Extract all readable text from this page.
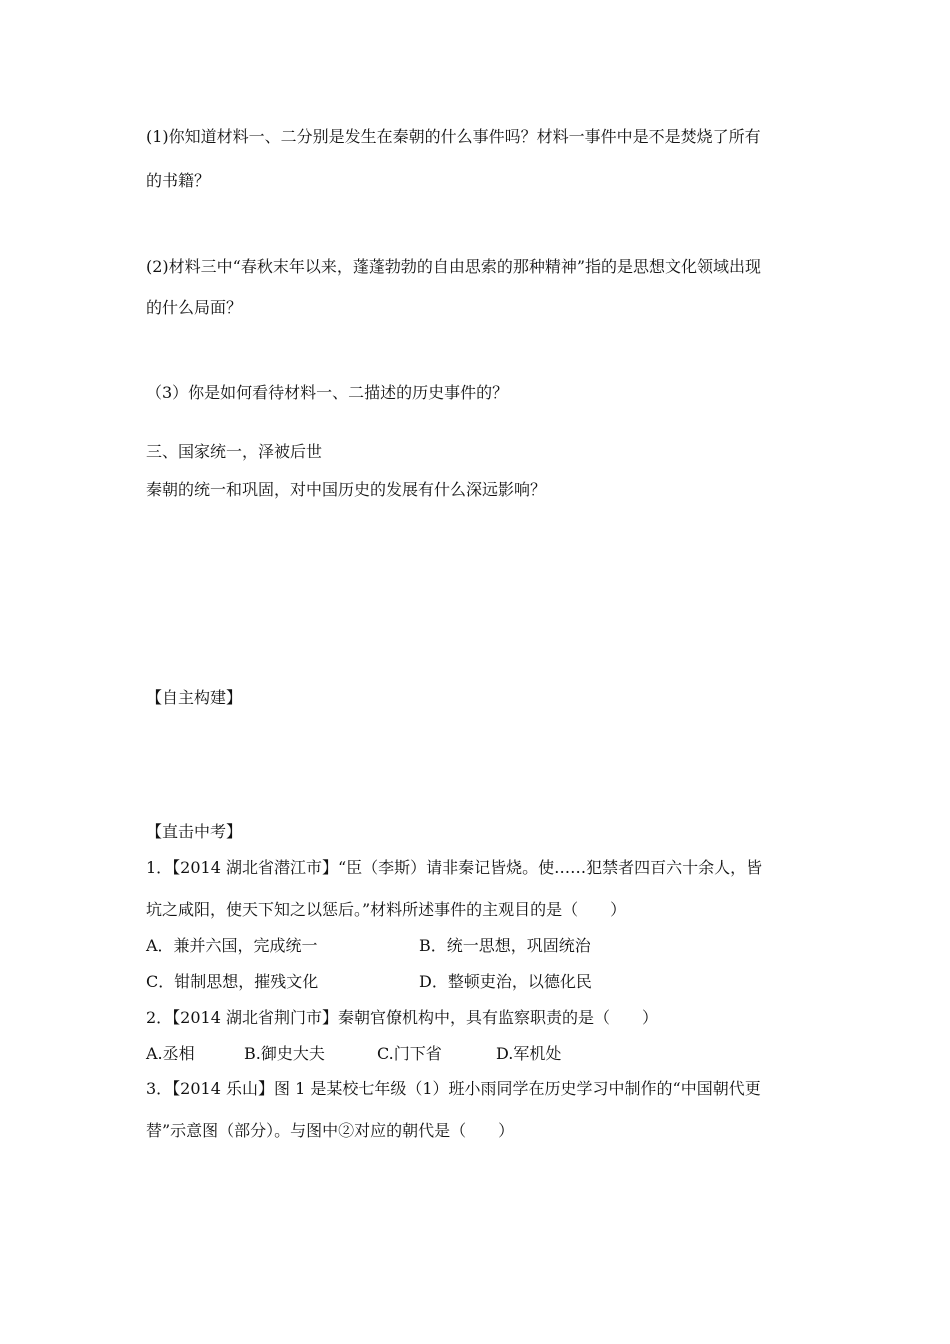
(1)你知道材料一、二分别是发生在秦朝的什么事件吗？材料一事件中是不是焚烧了所有
的书籍？
(2)材料三中“春秋末年以来，蓬蓬勃勃的自由思索的那种精神”指的是思想文化领域出现
的什么局面？
（3）你是如何看待材料一、二描述的历史事件的？
三、国家统一，泽被后世
秦朝的统一和巩固，对中国历史的发展有什么深远影响？
【自主构建】
【直击中考】
1．【2014 湖北省潜江市】“臣（李斯）请非秦记皆烧。使……犯禁者四百六十余人，皆
坑之咸阳，使天下知之以惩后。”材料所述事件的主观目的是（　　）
A．兼并六国，完成统一	B．统一思想，巩固统治
C．钳制思想，摧残文化	D．整顿吏治，以德化民
2．【2014 湖北省荆门市】秦朝官僚机构中，具有监察职责的是（　　）
A.丞相	B.御史大夫	C.门下省	D.军机处
3．【2014 乐山】图 1 是某校七年级（1）班小雨同学在历史学习中制作的“中国朝代更
替”示意图（部分）。与图中②对应的朝代是（　　）
